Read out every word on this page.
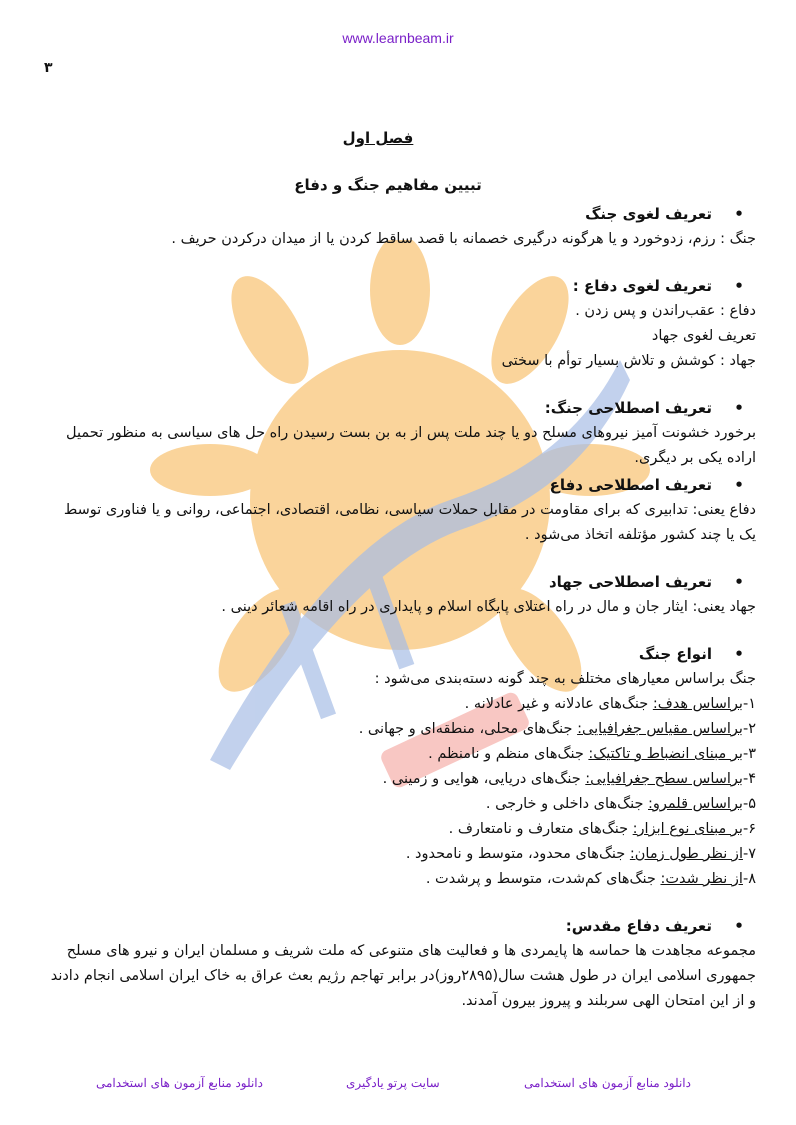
www.learnbeam.ir
۳
فصل اول
تبیین مفاهیم جنگ و دفاع
•تعریف لغوی جنگ

جنگ : رزم، زدوخورد و یا هرگونه درگیری خصمانه با قصد ساقط کردن یا از میدان درکردن حریف .

•تعریف لغوی دفاع :

دفاع : عقب‌راندن و پس زدن .

تعریف لغوی جهاد

جهاد : کوشش و تلاش بسیار توأم با سختی

•تعریف اصطلاحی جنگ:

برخورد خشونت آمیز نیروهای مسلح دو یا چند ملت پس از به بن بست رسیدن راه حل های سیاسی به منظور تحمیل

اراده یکی بر دیگری.

•تعریف اصطلاحی دفاع

دفاع یعنی: تدابیری که برای مقاومت در مقابل حملات سیاسی، نظامی، اقتصادی، اجتماعی، روانی و یا فناوری توسط

یک یا چند کشور مؤتلفه اتخاذ می‌شود .

•تعریف اصطلاحی جهاد

جهاد یعنی: ایثار جان و مال در راه اعتلای پایگاه اسلام و پایداری در راه اقامه شعائر دینی .

•انواع جنگ

جنگ براساس معیارهای مختلف به چند گونه دسته‌بندی می‌شود :

۱-براساس هدف: جنگ‌های عادلانه و غیر عادلانه .

۲-براساس مقیاس جغرافیایی: جنگ‌های محلی، منطقه‌ای و جهانی .

۳-بر مبنای انضباط و تاکتیک: جنگ‌های منظم و نامنظم .

۴-براساس سطح جغرافیایی: جنگ‌های دریایی، هوایی و زمینی .

۵-براساس قلمرو: جنگ‌های داخلی و خارجی .

۶-بر مبنای نوع ابزار: جنگ‌های متعارف و نامتعارف .

۷-از نظر طول زمان: جنگ‌های محدود، متوسط و نامحدود .

۸-از نظر شدت: جنگ‌های کم‌شدت، متوسط و پرشدت .

•تعریف دفاع مقدس:

مجموعه مجاهدت ها حماسه ها پایمردی ها و فعالیت های متنوعی که ملت شریف و مسلمان ایران و نیرو های مسلح

جمهوری اسلامی ایران در طول هشت سال(۲۸۹۵روز)در برابر تهاجم رژیم بعث عراق به خاک ایران اسلامی انجام دادند

و از این امتحان الهی سربلند و پیروز بیرون آمدند.

دانلود منابع آزمون های استخدامی	سایت پرتو یادگیری	دانلود منابع آزمون های استخدامی
